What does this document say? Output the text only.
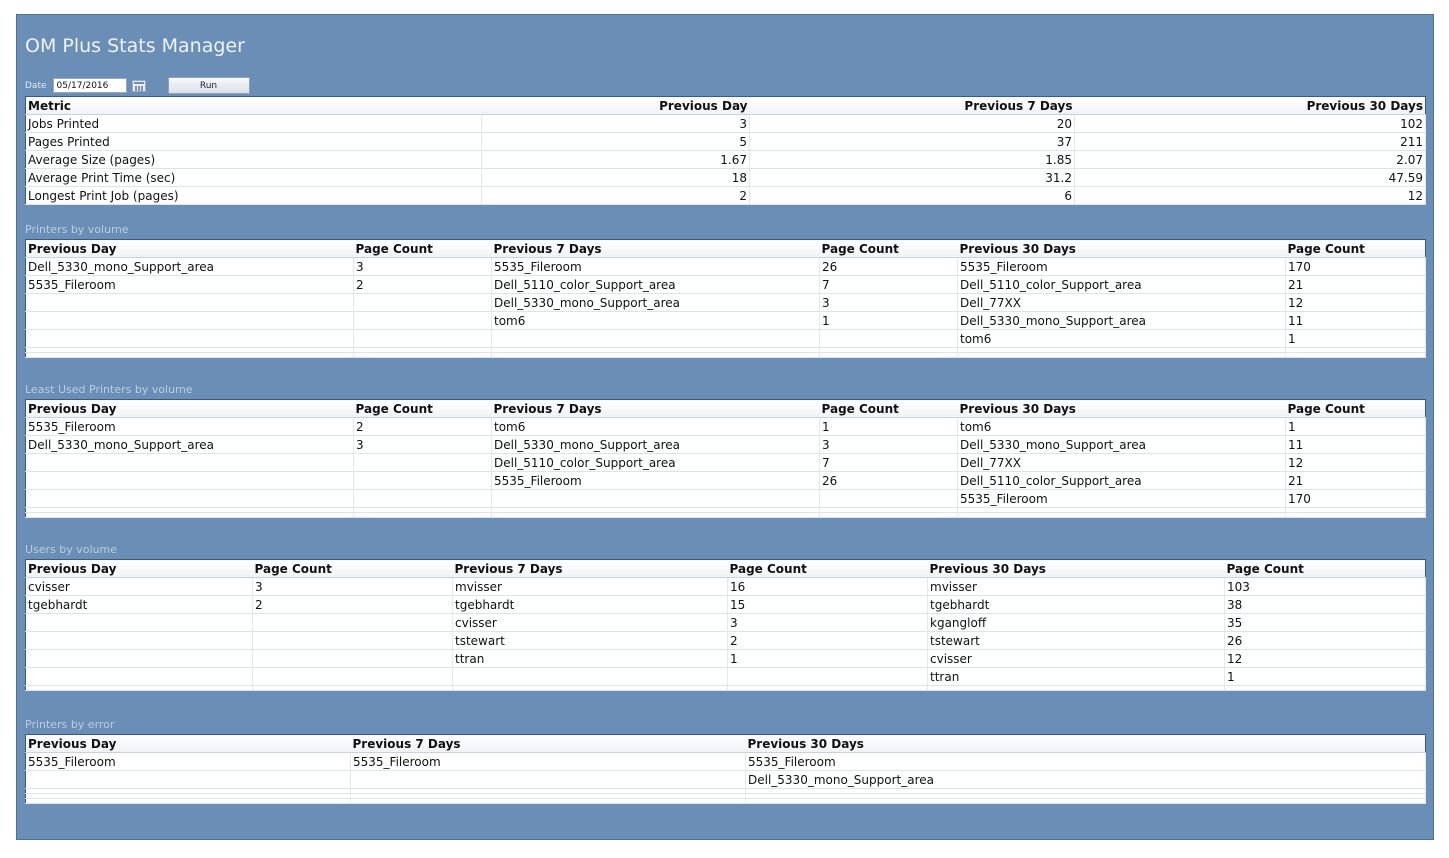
OM Plus Stats Manager
Date
05/17/2016	Run
Metric	Previous Day	Previous 7 Days	Previous 30 Days
Jobs Printed	3	20	102
Pages Printed	5	37	211
Average Size (pages)	1.67	1.85	2.07
Average Print Time (sec)	18	31.2	47.59
Longest Print Job (pages)	2	6	12
Printers by volume
Previous Day	Page Count	Previous 7 Days	Page Count	Previous 30 Days	Page Count
Dell_5330_mono_Support_area	3	5535_Fileroom	26	5535_Fileroom	170
5535_Fileroom	2	Dell_5110_color_Support_area	7	Dell_5110_color_Support_area	21
		Dell_5330_mono_Support_area	3	Dell_77XX	12
		tom6	1	Dell_5330_mono_Support_area	11
				tom6	1

Least Used Printers by volume
Previous Day	Page Count	Previous 7 Days	Page Count	Previous 30 Days	Page Count
5535_Fileroom	2	tom6	1	tom6	1
Dell_5330_mono_Support_area	3	Dell_5330_mono_Support_area	3	Dell_5330_mono_Support_area	11
		Dell_5110_color_Support_area	7	Dell_77XX	12
		5535_Fileroom	26	Dell_5110_color_Support_area	21
				5535_Fileroom	170

Users by volume
Previous Day	Page Count	Previous 7 Days	Page Count	Previous 30 Days	Page Count
cvisser	3	mvisser	16	mvisser	103
tgebhardt	2	tgebhardt	15	tgebhardt	38
		cvisser	3	kgangloff	35
		tstewart	2	tstewart	26
		ttran	1	cvisser	12
				ttran	1

Printers by error
Previous Day	Previous 7 Days	Previous 30 Days
5535_Fileroom	5535_Fileroom	5535_Fileroom
		Dell_5330_mono_Support_area
